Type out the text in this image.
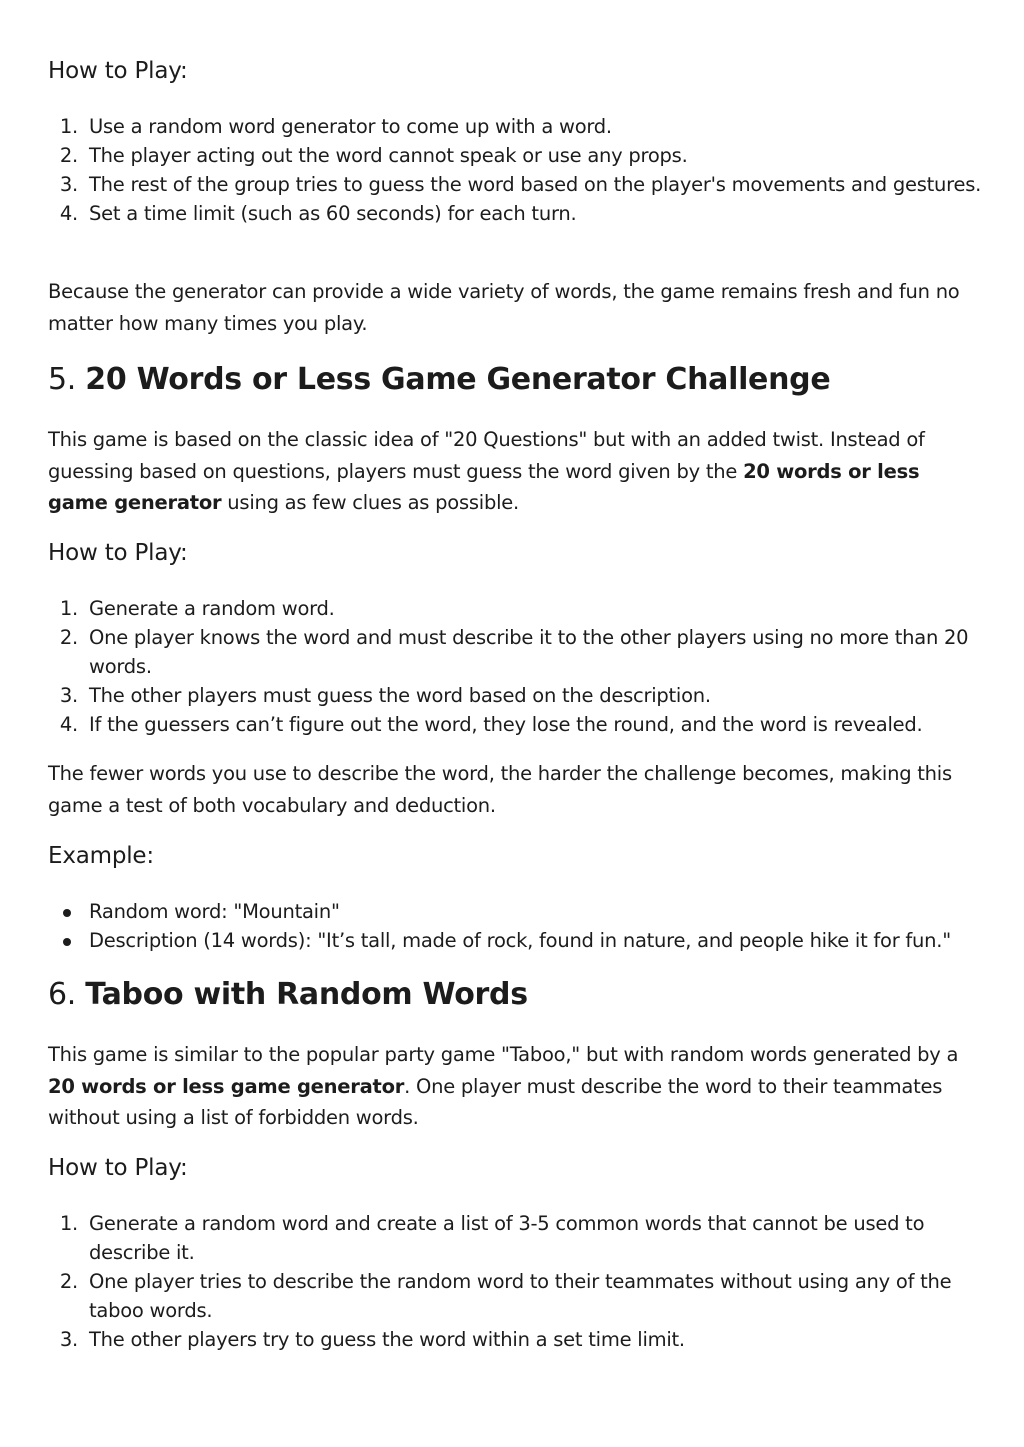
How to Play:
1. Use a random word generator to come up with a word.
2. The player acting out the word cannot speak or use any props.
3. The rest of the group tries to guess the word based on the player's movements and gestures.
4. Set a time limit (such as 60 seconds) for each turn.

Because the generator can provide a wide variety of words, the game remains fresh and fun no matter how many times you play.

5. 20 Words or Less Game Generator Challenge

This game is based on the classic idea of "20 Questions" but with an added twist. Instead of guessing based on questions, players must guess the word given by the 20 words or less game generator using as few clues as possible.

How to Play:
1. Generate a random word.
2. One player knows the word and must describe it to the other players using no more than 20 words.
3. The other players must guess the word based on the description.
4. If the guessers can’t figure out the word, they lose the round, and the word is revealed.

The fewer words you use to describe the word, the harder the challenge becomes, making this game a test of both vocabulary and deduction.

Example:
Random word: "Mountain"
Description (14 words): "It’s tall, made of rock, found in nature, and people hike it for fun."
6. Taboo with Random Words

This game is similar to the popular party game "Taboo," but with random words generated by a 20 words or less game generator. One player must describe the word to their teammates without using a list of forbidden words.

How to Play:
1. Generate a random word and create a list of 3-5 common words that cannot be used to describe it.
2. One player tries to describe the random word to their teammates without using any of the taboo words.
3. The other players try to guess the word within a set time limit.
